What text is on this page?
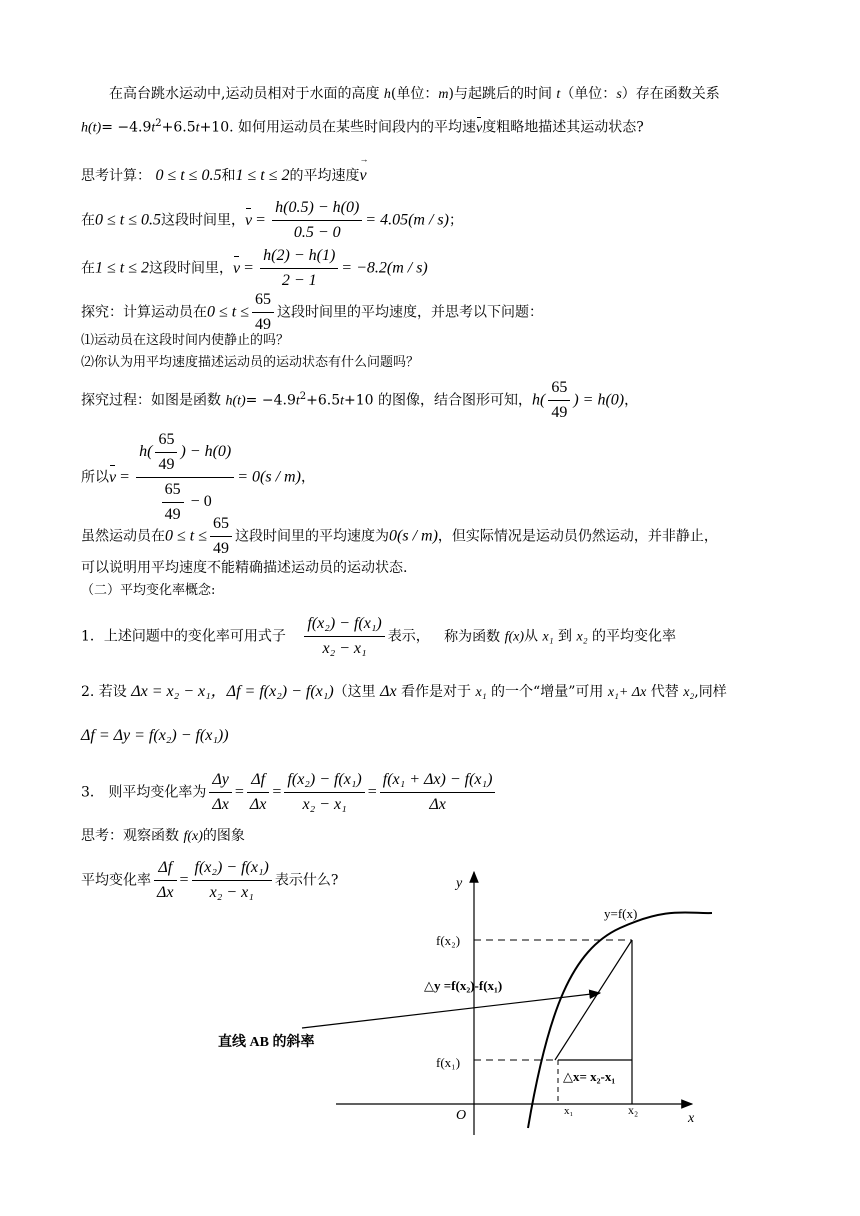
在高台跳水运动中,运动员相对于水面的高度 h(单位：m)与起跳后的时间 t（单位：s）存在函数关系
$h(t)= -4.9t^2+6.5t+10$. 如何用运动员在某些时间段内的平均速v度粗略地描述其运动状态?
思考计算： 0 ≤ t ≤ 0.5和1 ≤ t ≤ 2的平均速度→ v
在0 ≤ t ≤ 0.5这段时间里，$v = \frac{h(0.5) - h(0)}{0.5 - 0} = 4.05(m / s)$；
在1 ≤ t ≤ 2这段时间里，$v = \frac{h(2) - h(1)}{2 - 1} = -8.2(m / s)$
探究：计算运动员在$0 \le t \le \frac{65}{49}$ 这段时间里的平均速度，并思考以下问题：
⑴运动员在这段时间内使静止的吗？
⑵你认为用平均速度描述运动员的运动状态有什么问题吗？
探究过程：如图是函数 $h(t)= -4.9t^2+6.5t+10$ 的图像，结合图形可知，$h( \frac{65}{49}$ ) = h(0)，
所以$v = \frac{h( \frac{65}{49} ) - h(0)}{\frac{65}{49} - 0} = 0(s / m)$，
虽然运动员在$0 \le t \le \frac{65}{49}$ 这段时间里的平均速度为0(s / m)，但实际情况是运动员仍然运动，并非静止，
可以说明用平均速度不能精确描述运动员的运动状态.
（二）平均变化率概念:
1．上述问题中的变化率可用式子 $\frac{\text{f(x₂) − f(x₁)}}{\text{x₂ − x₁}}$ 表示， 称为函数 f(x)从 x₁ 到 x₂ 的平均变化率
2. 若设 Δx = x₂ − x₁，Δf = f(x₂) − f(x₁)（这里 Δx 看作是对于 x₁ 的一个“增量”可用 x₁+ Δx 代替 x₂,同样
Δf = Δy = f(x₂) − f(x₁))
3． 则平均变化率为 $\frac{\Delta y}{\Delta x} = \frac{\Delta f}{\Delta x} = \frac{\text{f(x₂) − f(x₁)}}{\text{x₂ − x₁}} = \frac{\text{f(x₁ + Δx) − f(x₁)}}{\Delta x}$
思考：观察函数 f(x)的图象
平均变化率 $\frac{\Delta f}{\Delta x} = \frac{\text{f(x₂) − f(x₁)}}{\text{x₂ − x₁}}$ 表示什么?	y
x
O
y=f(x)
f(x₂)
f(x₁)
△y =f(x₂)-f(x₁)
△x= x₂-x₁
x₁	x₂
直线 AB 的斜率
